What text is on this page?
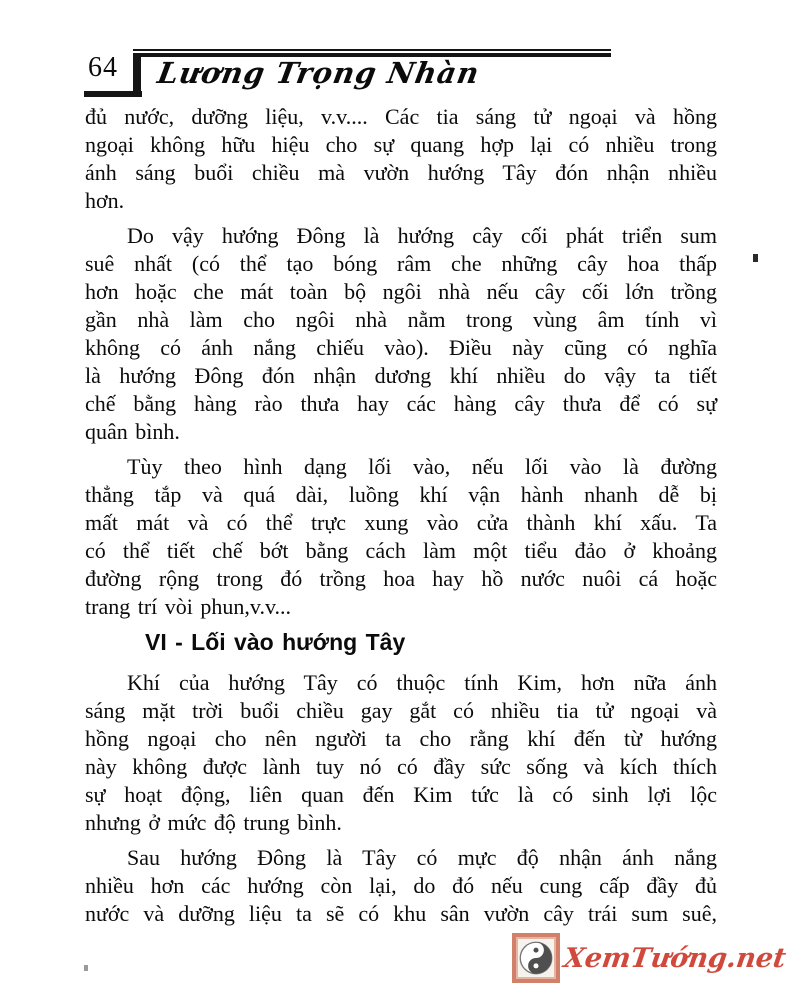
64 Lương Trọng Nhàn
đủ nước, dưỡng liệu, v.v.... Các tia sáng tử ngoại và hồng
ngoại không hữu hiệu cho sự quang hợp lại có nhiều trong
ánh sáng buổi chiều mà vườn hướng Tây đón nhận nhiều
hơn.
Do vậy hướng Đông là hướng cây cối phát triển sum
suê nhất (có thể tạo bóng râm che những cây hoa thấp
hơn hoặc che mát toàn bộ ngôi nhà nếu cây cối lớn trồng
gần nhà làm cho ngôi nhà nằm trong vùng âm tính vì
không có ánh nắng chiếu vào). Điều này cũng có nghĩa
là hướng Đông đón nhận dương khí nhiều do vậy ta tiết
chế bằng hàng rào thưa hay các hàng cây thưa để có sự
quân bình.
Tùy theo hình dạng lối vào, nếu lối vào là đường
thẳng tắp và quá dài, luồng khí vận hành nhanh dễ bị
mất mát và có thể trực xung vào cửa thành khí xấu. Ta
có thể tiết chế bớt bằng cách làm một tiểu đảo ở khoảng
đường rộng trong đó trồng hoa hay hồ nước nuôi cá hoặc
trang trí vòi phun,v.v...
VI - Lối vào hướng Tây
Khí của hướng Tây có thuộc tính Kim, hơn nữa ánh
sáng mặt trời buổi chiều gay gắt có nhiều tia tử ngoại và
hồng ngoại cho nên người ta cho rằng khí đến từ hướng
này không được lành tuy nó có đầy sức sống và kích thích
sự hoạt động, liên quan đến Kim tức là có sinh lợi lộc
nhưng ở mức độ trung bình.
Sau hướng Đông là Tây có mực độ nhận ánh nắng
nhiều hơn các hướng còn lại, do đó nếu cung cấp đầy đủ
nước và dưỡng liệu ta sẽ có khu sân vườn cây trái sum suê,
XemTướng.net
